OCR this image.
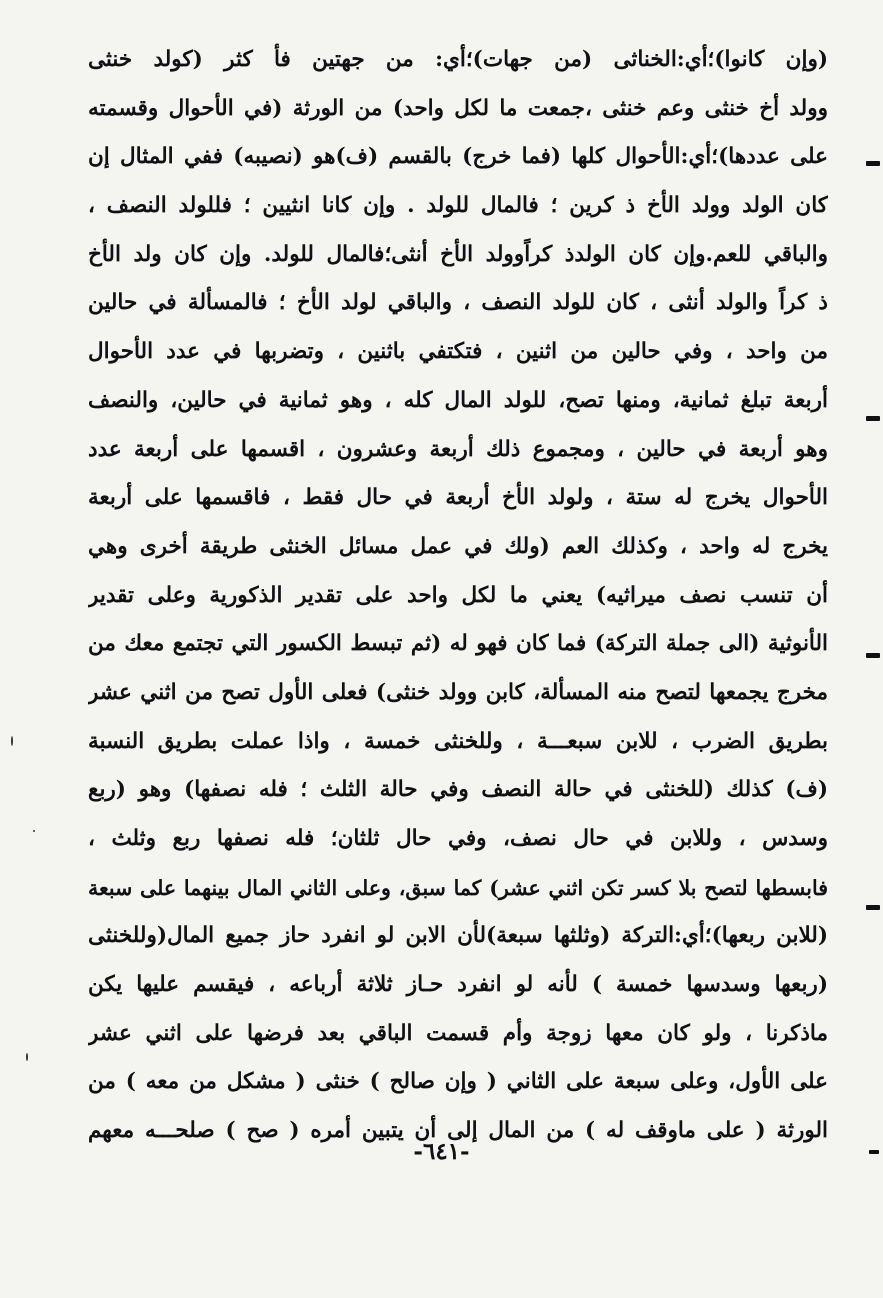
(وإن كانوا)؛أي:الخناثى (من جهات)؛أي: من جهتين فأ كثر (كولد خنثى
وولد أخ خنثى وعم خنثى ،جمعت ما لكل واحد) من الورثة (في الأحوال وقسمته
على عددها)؛أي:الأحوال كلها (فما خرج) بالقسم (ف)هو (نصيبه) ففي المثال إن
كان الولد وولد الأخ ذ كرين ؛ فالمال للولد . وإن كانا انثيين ؛ فللولد النصف ،
والباقي للعم.وإن كان الولدذ كراًوولد الأخ أنثى؛فالمال للولد. وإن كان ولد الأخ
ذ كراً والولد أنثى ، كان للولد النصف ، والباقي لولد الأخ ؛ فالمسألة في حالين
من واحد ، وفي حالين من اثنين ، فتكتفي باثنين ، وتضربها في عدد الأحوال
أربعة تبلغ ثمانية، ومنها تصح، للولد المال كله ، وهو ثمانية في حالين، والنصف
وهو أربعة في حالين ، ومجموع ذلك أربعة وعشرون ، اقسمها على أربعة عدد
الأحوال يخرج له ستة ، ولولد الأخ أربعة في حال فقط ، فاقسمها على أربعة
يخرج له واحد ، وكذلك العم (ولك في عمل مسائل الخنثى طريقة أخرى وهي
أن تنسب نصف ميراثيه) يعني ما لكل واحد على تقدير الذكورية وعلى تقدير
الأنوثية (الى جملة التركة) فما كان فهو له (ثم تبسط الكسور التي تجتمع معك من
مخرج يجمعها لتصح منه المسألة، كابن وولد خنثى) فعلى الأول تصح من اثني عشر
بطريق الضرب ، للابن سبعـــة ، وللخنثى خمسة ، واذا عملت بطريق النسبة
(ف) كذلك (للخنثى في حالة النصف وفي حالة الثلث ؛ فله نصفها) وهو (ربع
وسدس ، وللابن في حال نصف، وفي حال ثلثان؛ فله نصفها ربع وثلث ،
فابسطها لتصح بلا كسر تكن اثني عشر) كما سبق، وعلى الثاني المال بينهما على سبعة
(للابن ربعها)؛أي:التركة (وثلثها سبعة)لأن الابن لو انفرد حاز جميع المال(وللخنثى
(ربعها وسدسها خمسة ) لأنه لو انفرد حـاز ثلاثة أرباعه ، فيقسم عليها يكن
ماذكرنا ، ولو كان معها زوجة وأم قسمت الباقي بعد فرضها على اثني عشر
على الأول، وعلى سبعة على الثاني ( وإن صالح ) خنثى ( مشكل من معه ) من
الورثة ( على ماوقف له ) من المال إلى أن يتبين أمره ( صح ) صلحـــه معهم
-٦٤١-
